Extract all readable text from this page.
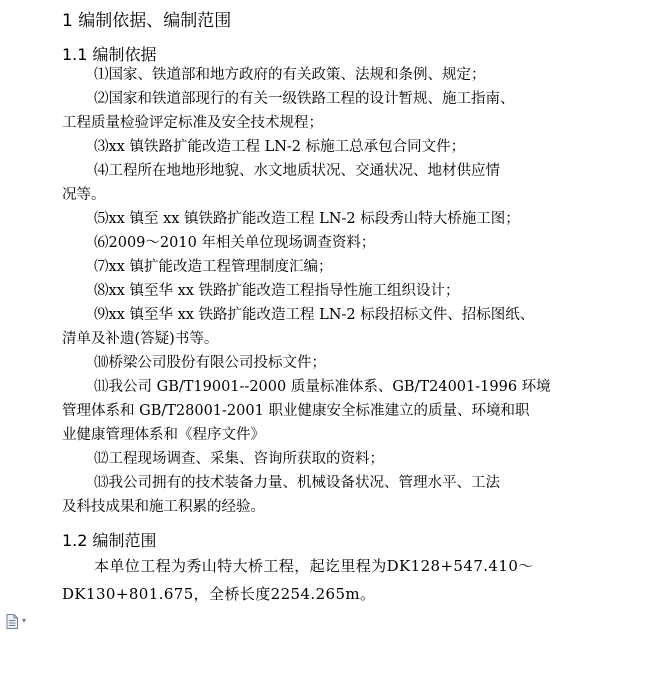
1 编制依据、编制范围
1.1 编制依据

⑴国家、铁道部和地方政府的有关政策、法规和条例、规定；

⑵国家和铁道部现行的有关一级铁路工程的设计暂规、施工指南、

工程质量检验评定标准及安全技术规程；

⑶xx 镇铁路扩能改造工程 LN-2 标施工总承包合同文件；

⑷工程所在地地形地貌、水文地质状况、交通状况、地材供应情

况等。

⑸xx 镇至 xx 镇铁路扩能改造工程 LN-2 标段秀山特大桥施工图；

⑹2009～2010 年相关单位现场调查资料；

⑺xx 镇扩能改造工程管理制度汇编；

⑻xx 镇至华 xx 铁路扩能改造工程指导性施工组织设计；

⑼xx 镇至华 xx 铁路扩能改造工程 LN-2 标段招标文件、招标图纸、

清单及补遗(答疑)书等。

⑽桥梁公司股份有限公司投标文件；

⑾我公司 GB/T19001--2000 质量标准体系、GB/T24001-1996 环境

管理体系和 GB/T28001-2001 职业健康安全标准建立的质量、环境和职

业健康管理体系和《程序文件》

⑿工程现场调查、采集、咨询所获取的资料；

⒀我公司拥有的技术装备力量、机械设备状况、管理水平、工法

及科技成果和施工积累的经验。

1.2 编制范围

本单位工程为秀山特大桥工程，起讫里程为DK128+547.410～

DK130+801.675，全桥长度2254.265m。

▾
